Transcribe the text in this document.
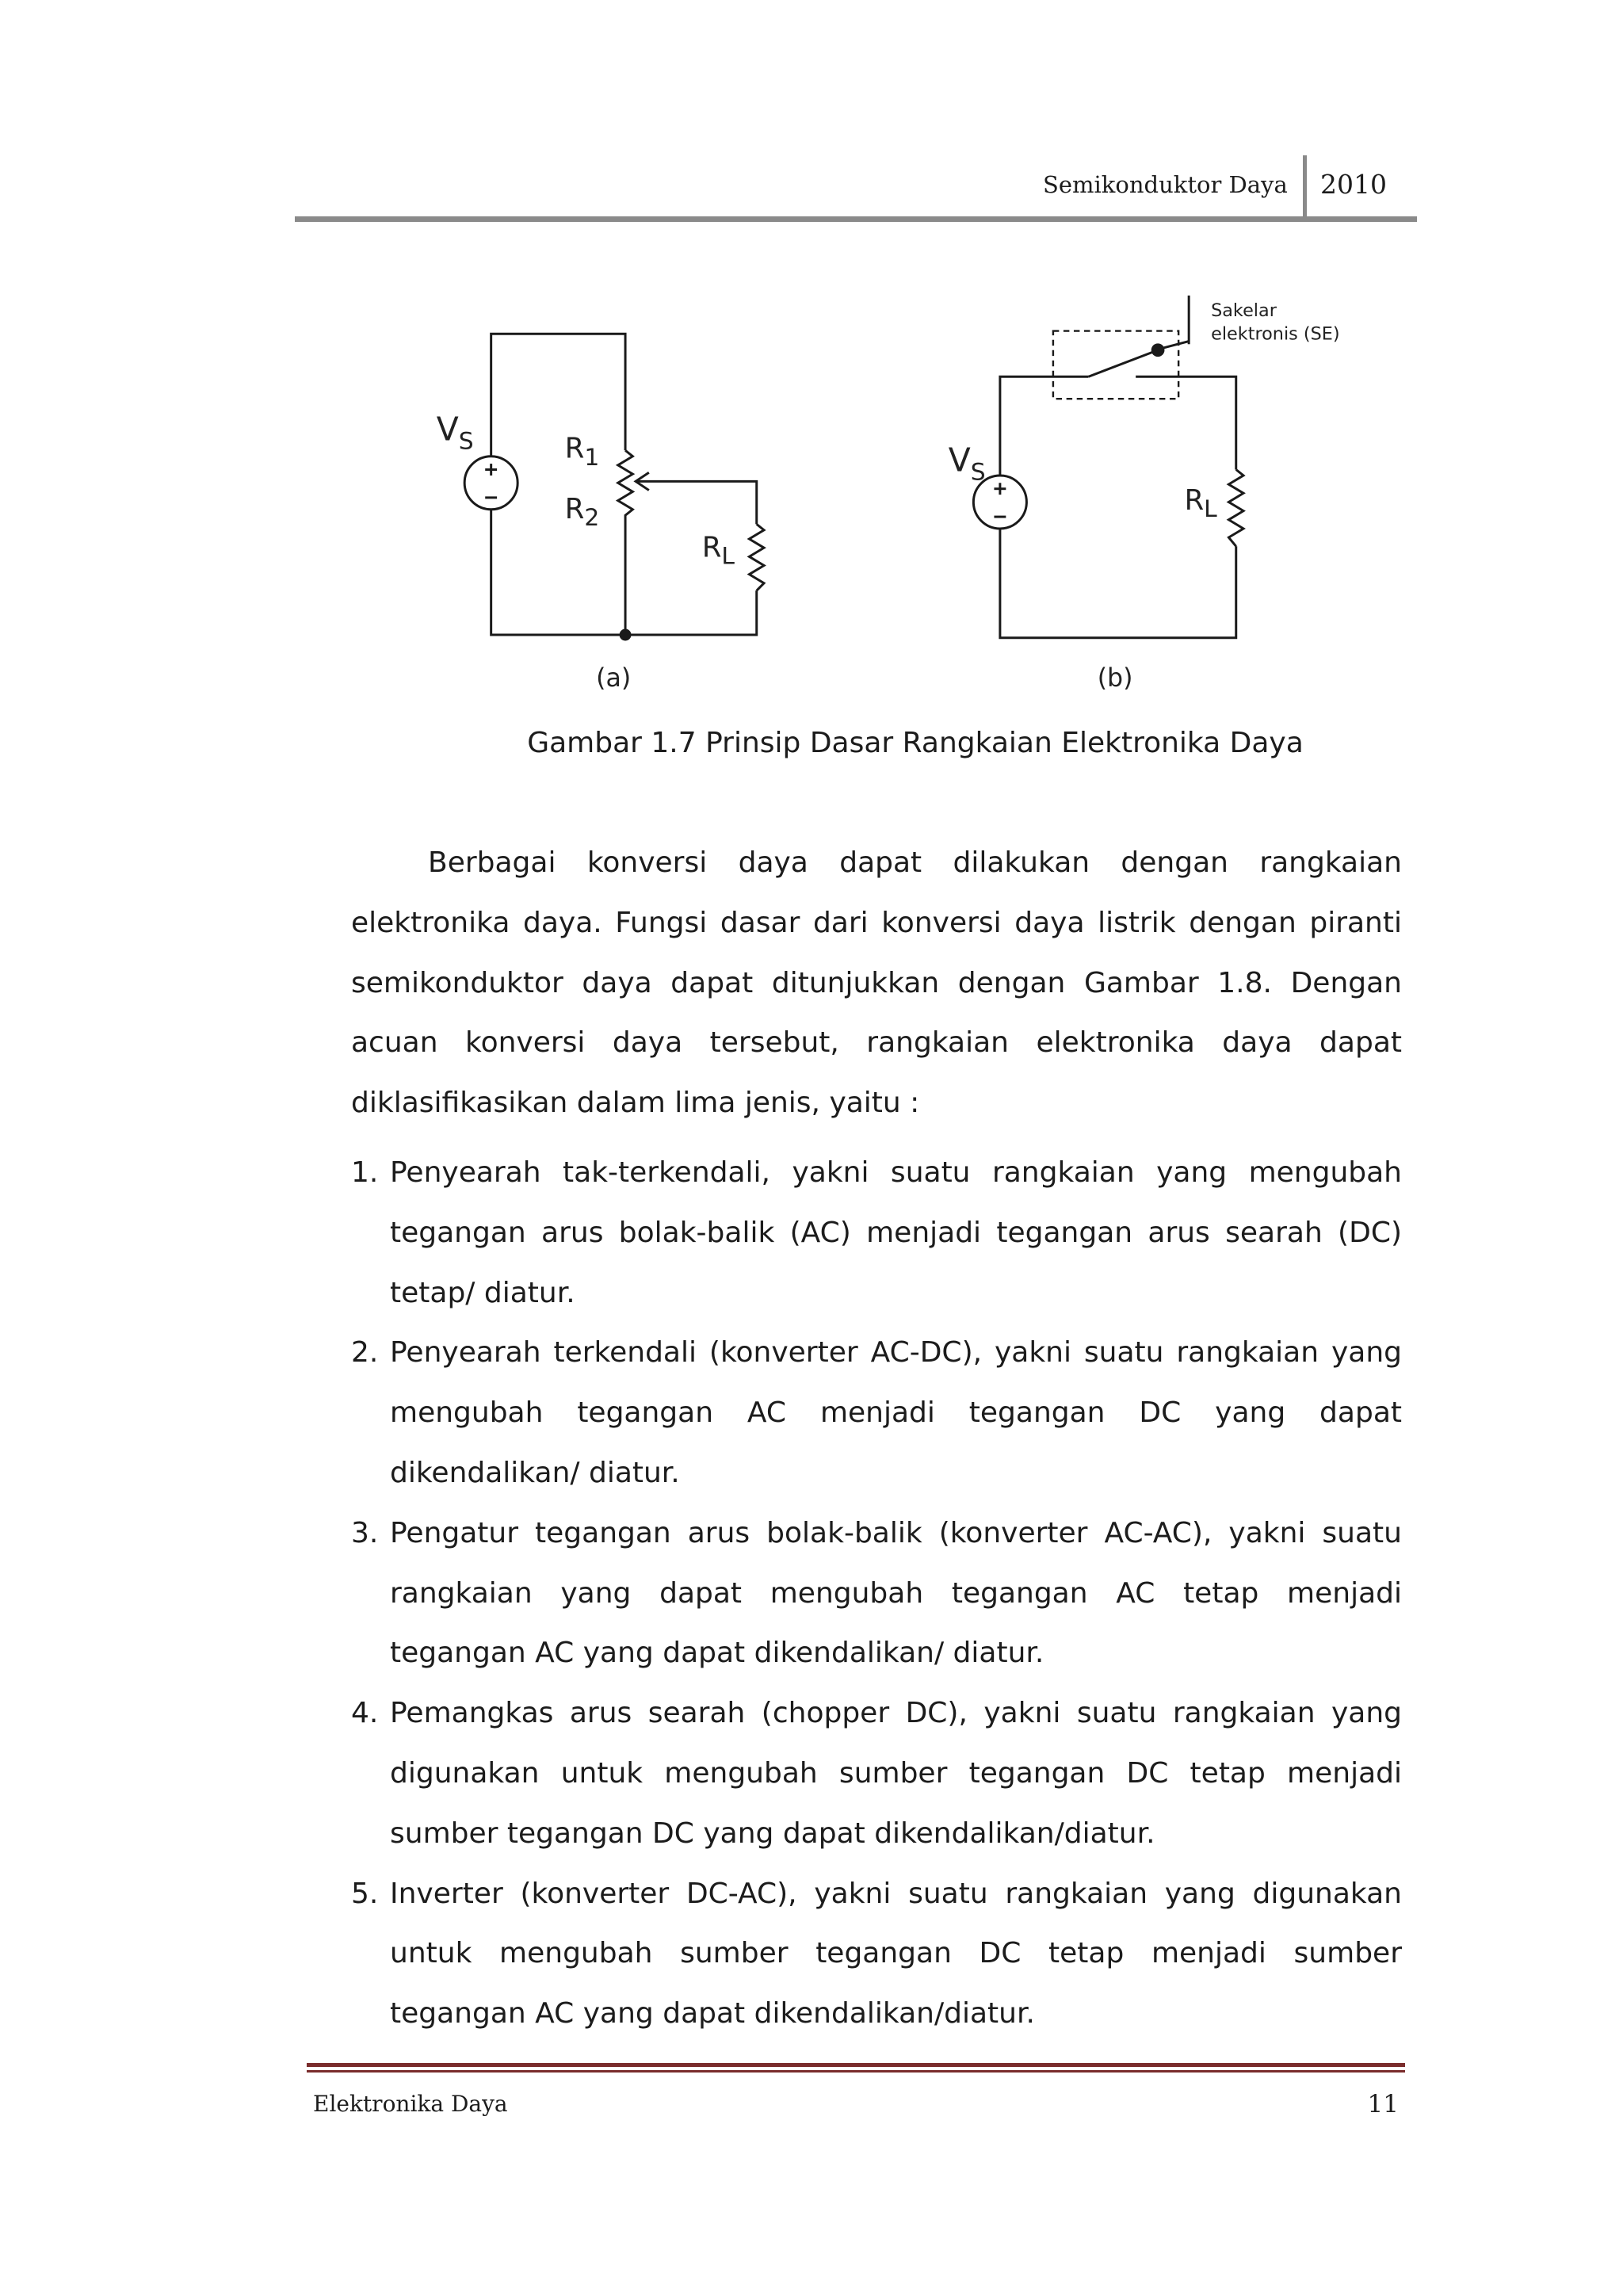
Semikonduktor Daya 2010
$V_S$	$R_1$
$R_2$
$R_L$
(a)
$V_S$
$R_L$
Sakelar
elektronis (SE)
(b)
Gambar 1.7 Prinsip Dasar Rangkaian Elektronika Daya
Berbagai konversi daya dapat dilakukan dengan rangkaian
elektronika daya. Fungsi dasar dari konversi daya listrik dengan piranti
semikonduktor daya dapat ditunjukkan dengan Gambar 1.8. Dengan
acuan konversi daya tersebut, rangkaian elektronika daya dapat
diklasifikasikan dalam lima jenis, yaitu :
1. Penyearah tak-terkendali, yakni suatu rangkaian yang mengubah
tegangan arus bolak-balik (AC) menjadi tegangan arus searah (DC)
tetap/ diatur.
2. Penyearah terkendali (konverter AC-DC), yakni suatu rangkaian yang
mengubah tegangan AC menjadi tegangan DC yang dapat
dikendalikan/ diatur.
3. Pengatur tegangan arus bolak-balik (konverter AC-AC), yakni suatu
rangkaian yang dapat mengubah tegangan AC tetap menjadi
tegangan AC yang dapat dikendalikan/ diatur.
4. Pemangkas arus searah (chopper DC), yakni suatu rangkaian yang
digunakan untuk mengubah sumber tegangan DC tetap menjadi
sumber tegangan DC yang dapat dikendalikan/diatur.
5. Inverter (konverter DC-AC), yakni suatu rangkaian yang digunakan
untuk mengubah sumber tegangan DC tetap menjadi sumber
tegangan AC yang dapat dikendalikan/diatur.
Elektronika Daya	11
